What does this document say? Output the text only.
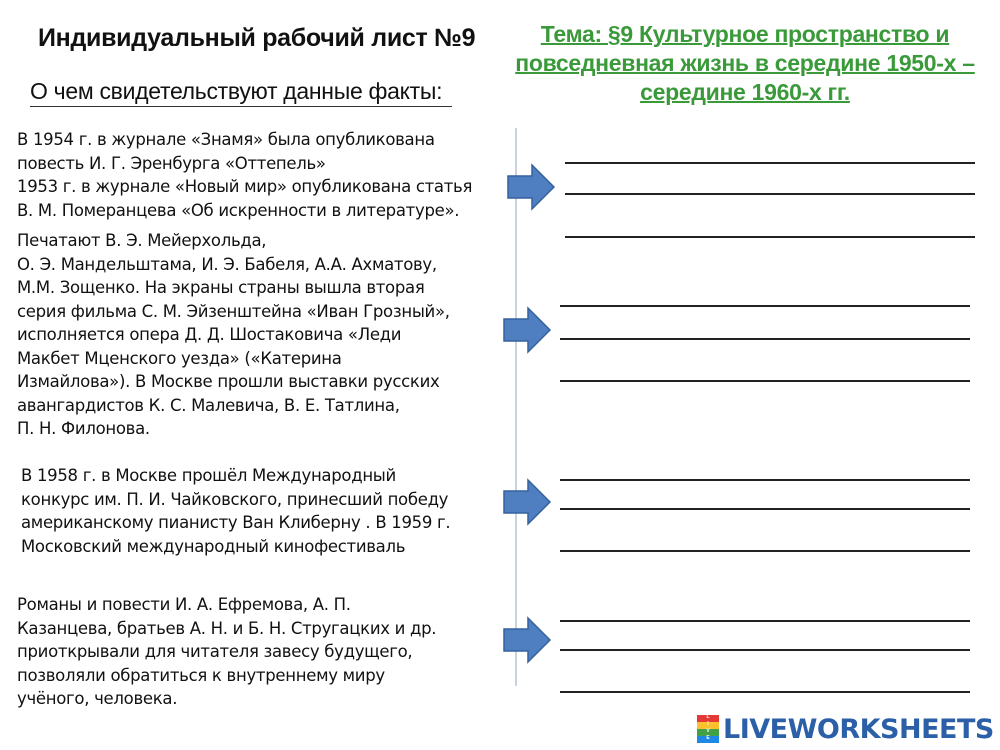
Индивидуальный рабочий лист №9
О чем свидетельствуют данные факты:
Тема: §9 Культурное пространство и
повседневная жизнь в середине 1950-х –
середине 1960-х гг.
В 1954 г. в журнале «Знамя» была опубликована
повесть И. Г. Эренбурга «Оттепель»
1953 г. в журнале «Новый мир» опубликована статья
В. М. Померанцева «Об искренности в литературе».
Печатают В. Э. Мейерхольда,
О. Э. Мандельштама, И. Э. Бабеля, А.А. Ахматову,
М.М. Зощенко. На экраны страны вышла вторая
серия фильма С. М. Эйзенштейна «Иван Грозный»,
исполняется опера Д. Д. Шостаковича «Леди
Макбет Мценского уезда» («Катерина
Измайлова»). В Москве прошли выставки русских
авангардистов К. С. Малевича, В. Е. Татлина,
П. Н. Филонова.
В 1958 г. в Москве прошёл Международный
конкурс им. П. И. Чайковского, принесший победу
американскому пианисту Ван Клиберну . В 1959 г.
Московский международный кинофестиваль
Романы и повести И. А. Ефремова, А. П.
Казанцева, братьев А. Н. и Б. Н. Стругацких и др.
приоткрывали для читателя завесу будущего,
позволяли обратиться к внутреннему миру
учёного, человека.
L
I
V
E LIVEWORKSHEETS
